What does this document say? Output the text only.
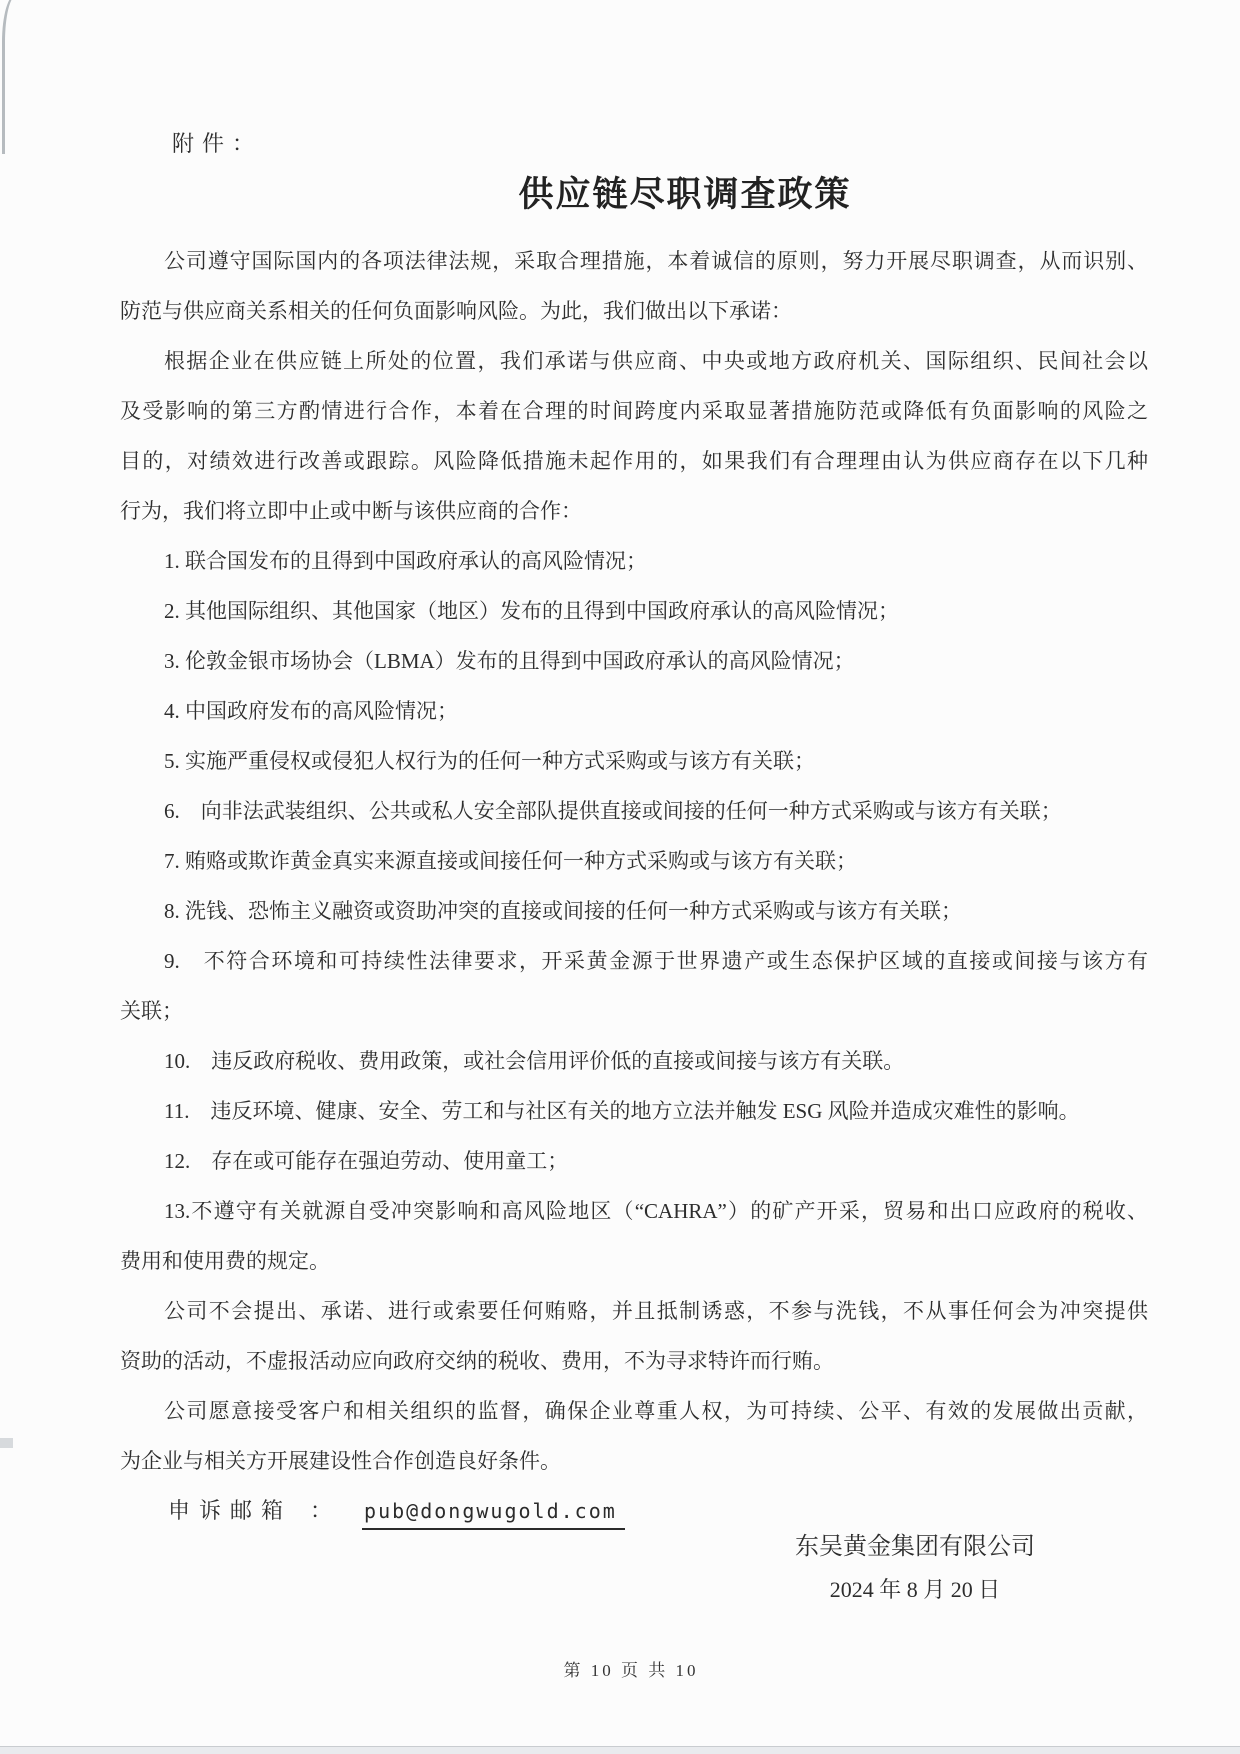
附件：
供应链尽职调查政策
公司遵守国际国内的各项法律法规，采取合理措施，本着诚信的原则，努力开展尽职调查，从而识别、
防范与供应商关系相关的任何负面影响风险。为此，我们做出以下承诺：
根据企业在供应链上所处的位置，我们承诺与供应商、中央或地方政府机关、国际组织、民间社会以
及受影响的第三方酌情进行合作，本着在合理的时间跨度内采取显著措施防范或降低有负面影响的风险之
目的，对绩效进行改善或跟踪。风险降低措施未起作用的，如果我们有合理理由认为供应商存在以下几种
行为，我们将立即中止或中断与该供应商的合作：
1. 联合国发布的且得到中国政府承认的高风险情况；
2. 其他国际组织、其他国家（地区）发布的且得到中国政府承认的高风险情况；
3. 伦敦金银市场协会（LBMA）发布的且得到中国政府承认的高风险情况；
4. 中国政府发布的高风险情况；
5. 实施严重侵权或侵犯人权行为的任何一种方式采购或与该方有关联；
6.　向非法武装组织、公共或私人安全部队提供直接或间接的任何一种方式采购或与该方有关联；
7. 贿赂或欺诈黄金真实来源直接或间接任何一种方式采购或与该方有关联；
8. 洗钱、恐怖主义融资或资助冲突的直接或间接的任何一种方式采购或与该方有关联；
9.　不符合环境和可持续性法律要求，开采黄金源于世界遗产或生态保护区域的直接或间接与该方有
关联；
10.　违反政府税收、费用政策，或社会信用评价低的直接或间接与该方有关联。
11.　违反环境、健康、安全、劳工和与社区有关的地方立法并触发 ESG 风险并造成灾难性的影响。
12.　存在或可能存在强迫劳动、使用童工；
13.不遵守有关就源自受冲突影响和高风险地区（“CAHRA”）的矿产开采，贸易和出口应政府的税收、
费用和使用费的规定。
公司不会提出、承诺、进行或索要任何贿赂，并且抵制诱惑，不参与洗钱，不从事任何会为冲突提供
资助的活动，不虚报活动应向政府交纳的税收、费用，不为寻求特许而行贿。
公司愿意接受客户和相关组织的监督，确保企业尊重人权，为可持续、公平、有效的发展做出贡献，
为企业与相关方开展建设性合作创造良好条件。
申诉邮箱 ： pub@dongwugold.com
东吴黄金集团有限公司
2024 年 8 月 20 日
第 10 页 共 10
